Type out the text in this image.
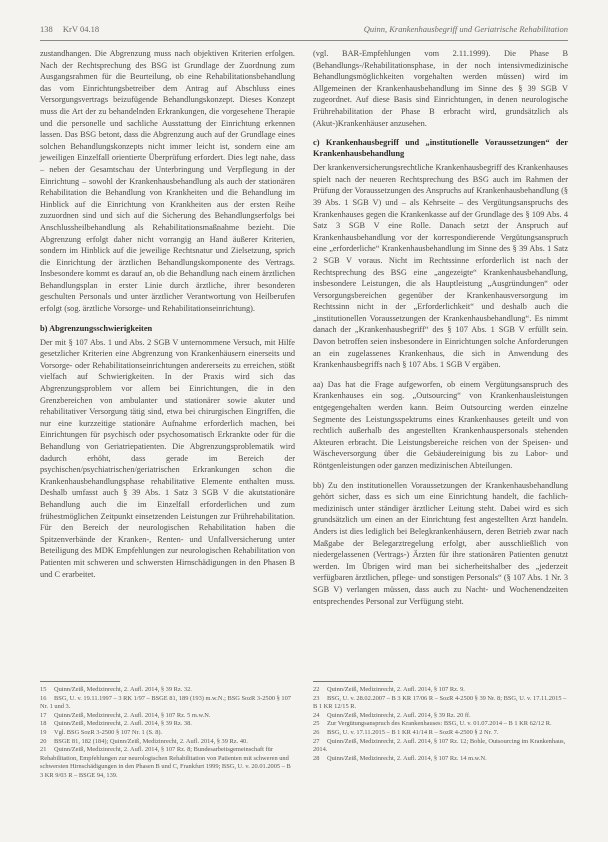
138 KrV 04.18	Quinn, Krankenhausbegriff und Geriatrische Rehabilitation

zustandhangen. Die Abgrenzung muss nach objektiven Kriterien erfolgen. Nach der Rechtsprechung des BSG ist Grundlage der Zuordnung zum Ausgangsrahmen für die Beurteilung, ob eine Rehabilitationsbehandlung das vom Einrichtungsbetreiber dem Antrag auf Abschluss eines Versorgungsvertrags beizufügende Behandlungskonzept. Dieses Konzept muss die Art der zu behandelnden Erkrankungen, die vorgesehene Therapie und die personelle und sachliche Ausstattung der Einrichtung erkennen lassen. Das BSG betont, dass die Abgrenzung auch auf der Grundlage eines solchen Behandlungskonzepts nicht immer leicht ist, sondern eine am jeweiligen Einzelfall orientierte Überprüfung erfordert. Dies legt nahe, dass – neben der Gesamtschau der Unterbringung und Verpflegung in der Einrichtung – sowohl der Krankenhausbehandlung als auch der stationären Rehabilitation die Behandlung von Krankheiten und die Behandlung im Hinblick auf die Einrichtung von Krankheiten aus der ersten Reihe zuzuordnen sind und sich auf die Sicherung des Behandlungserfolgs bei Anschlussheilbehandlung als Rehabilitationsmaßnahme bezieht. Die Abgrenzung erfolgt daher nicht vorrangig an Hand äußerer Kriterien, sondern im Hinblick auf die jeweilige Rechtsnatur und Zielsetzung, sprich die Einrichtung der ärztlichen Behandlungskomponente des Vertrags. Insbesondere kommt es darauf an, ob die Behandlung nach einem ärztlichen Behandlungsplan in erster Linie durch ärztliche, ihrer besonderen geschulten Personals und unter ärztlicher Verantwortung von Heilberufen erfolgt (sog. ärztliche Vorsorge- und Rehabilitationseinrichtung).

b) Abgrenzungsschwierigkeiten

Der mit § 107 Abs. 1 und Abs. 2 SGB V unternommene Versuch, mit Hilfe gesetzlicher Kriterien eine Abgrenzung von Krankenhäusern einerseits und Vorsorge- oder Rehabilitationseinrichtungen andererseits zu erreichen, stößt vielfach auf Schwierigkeiten. In der Praxis wird sich das Abgrenzungsproblem vor allem bei Einrichtungen, die in den Grenzbereichen von ambulanter und stationärer sowie akuter und rehabilitativer Versorgung tätig sind, etwa bei chirurgischen Eingriffen, die nur eine kurzzeitige stationäre Aufnahme erforderlich machen, bei Einrichtungen für psychisch oder psychosomatisch Erkrankte oder für die Behandlung von Geriatriepatienten. Die Abgrenzungsproblematik wird dadurch erhöht, dass gerade im Bereich der psychischen/psychiatrischen/geriatrischen Erkrankungen schon die Krankenhausbehandlungsphase rehabilitative Elemente enthalten muss. Deshalb umfasst auch § 39 Abs. 1 Satz 3 SGB V die akutstationäre Behandlung auch die im Einzelfall erforderlichen und zum frühestmöglichen Zeitpunkt einsetzenden Leistungen zur Frührehabilitation. Für den Bereich der neurologischen Rehabilitation haben die Spitzenverbände der Kranken-, Renten- und Unfallversicherung unter Beteiligung des MDK Empfehlungen zur neurologischen Rehabilitation von Patienten mit schweren und schwersten Hirnschädigungen in den Phasen B und C erarbeitet.

(vgl. BAR-Empfehlungen vom 2.11.1999). Die Phase B (Behandlungs-/Rehabilitationsphase, in der noch intensivmedizinische Behandlungsmöglichkeiten vorgehalten werden müssen) wird im Allgemeinen der Krankenhausbehandlung im Sinne des § 39 SGB V zugeordnet. Auf diese Basis sind Einrichtungen, in denen neurologische Frührehabilitation der Phase B erbracht wird, grundsätzlich als (Akut-)Krankenhäuser anzusehen.

c) Krankenhausbegriff und „institutionelle Voraussetzungen“ der Krankenhausbehandlung

Der krankenversicherungsrechtliche Krankenhausbegriff des Krankenhauses spielt nach der neueren Rechtsprechung des BSG auch im Rahmen der Prüfung der Voraussetzungen des Anspruchs auf Krankenhausbehandlung (§ 39 Abs. 1 SGB V) und – als Kehrseite – des Vergütungsanspruchs des Krankenhauses gegen die Krankenkasse auf der Grundlage des § 109 Abs. 4 Satz 3 SGB V eine Rolle. Danach setzt der Anspruch auf Krankenhausbehandlung vor der korrespondierende Vergütungsanspruch eine „erforderliche“ Krankenhausbehandlung im Sinne des § 39 Abs. 1 Satz 2 SGB V voraus. Nicht im Rechtssinne erforderlich ist nach der Rechtsprechung des BSG eine „angezeigte“ Krankenhausbehandlung, insbesondere Leistungen, die als Hauptleistung „Ausgründungen“ oder Versorgungsbereichen gegenüber der Krankenhausversorgung im Rechtssinn nicht in der „Erforderlichkeit“ und deshalb auch die „institutionellen Voraussetzungen der Krankenhausbehandlung“. Es nimmt danach der „Krankenhausbegriff“ des § 107 Abs. 1 SGB V erfüllt sein. Davon betroffen seien insbesondere in Einrichtungen solche Anforderungen an ein zugelassenes Krankenhaus, die sich in Anwendung des Krankenhausbegriffs nach § 107 Abs. 1 SGB V ergäben.

aa) Das hat die Frage aufgeworfen, ob einem Vergütungsanspruch des Krankenhauses ein sog. „Outsourcing“ von Krankenhausleistungen entgegengehalten werden kann. Beim Outsourcing werden einzelne Segmente des Leistungsspektrums eines Krankenhauses geteilt und von rechtlich außerhalb des angestellten Krankenhauspersonals stehenden Akteuren erbracht. Die Leistungsbereiche reichen von der Speisen- und Wäscheversorgung über die Gebäudereinigung bis zu Labor- und Röntgenleistungen oder ganzen medizinischen Abteilungen.

bb) Zu den institutionellen Voraussetzungen der Krankenhausbehandlung gehört sicher, dass es sich um eine Einrichtung handelt, die fachlich-medizinisch unter ständiger ärztlicher Leitung steht. Dabei wird es sich grundsätzlich um einen an der Einrichtung fest angestellten Arzt handeln. Anders ist dies lediglich bei Belegkrankenhäusern, deren Betrieb zwar nach Maßgabe der Belegarztregelung erfolgt, aber ausschließlich von niedergelassenen (Vertrags-) Ärzten für ihre stationären Patienten genutzt werden. Im Übrigen wird man bei sicherheitshalber des „jederzeit verfügbaren ärztlichen, pflege- und sonstigen Personals“ (§ 107 Abs. 1 Nr. 3 SGB V) verlangen müssen, dass auch zu Nacht- und Wochenendzeiten entsprechendes Personal zur Verfügung steht.

15 Quinn/Zeiß, Medizinrecht, 2. Aufl. 2014, § 39 Rz. 32.
16 BSG, U. v. 19.11.1997 – 3 RK 1/97 – BSGE 81, 189 (193) m.w.N.; BSG SozR 3-2500 § 107 Nr. 1 und 3.
17 Quinn/Zeiß, Medizinrecht, 2. Aufl. 2014, § 107 Rz. 5 m.w.N.
18 Quinn/Zeiß, Medizinrecht, 2. Aufl. 2014, § 39 Rz. 38.
19 Vgl. BSG SozR 3-2500 § 107 Nr. 1 (S. 8).
20 BSGE 81, 182 (184); Quinn/Zeiß, Medizinrecht, 2. Aufl. 2014, § 39 Rz. 40.
21 Quinn/Zeiß, Medizinrecht, 2. Aufl. 2014, § 107 Rz. 8; Bundesarbeitsgemeinschaft für Rehabilitation, Empfehlungen zur neurologischen Rehabilitation von Patienten mit schweren und schwersten Hirnschädigungen in den Phasen B und C, Frankfurt 1999; BSG, U. v. 20.01.2005 – B 3 KR 9/03 R – BSGE 94, 139.
22 Quinn/Zeiß, Medizinrecht, 2. Aufl. 2014, § 107 Rz. 9.
23 BSG, U. v. 28.02.2007 – B 3 KR 17/06 R – SozR 4-2500 § 39 Nr. 8; BSG, U. v. 17.11.2015 – B 1 KR 12/15 R.
24 Quinn/Zeiß, Medizinrecht, 2. Aufl. 2014, § 39 Rz. 20 ff.
25 Zur Vergütungsanspruch des Krankenhauses: BSG, U. v. 01.07.2014 – B 1 KR 62/12 R.
26 BSG, U. v. 17.11.2015 – B 1 KR 41/14 R – SozR 4-2500 § 2 Nr. 7.
27 Quinn/Zeiß, Medizinrecht, 2. Aufl. 2014, § 107 Rz. 12; Bohle, Outsourcing im Krankenhaus, 2014.
28 Quinn/Zeiß, Medizinrecht, 2. Aufl. 2014, § 107 Rz. 14 m.w.N.
